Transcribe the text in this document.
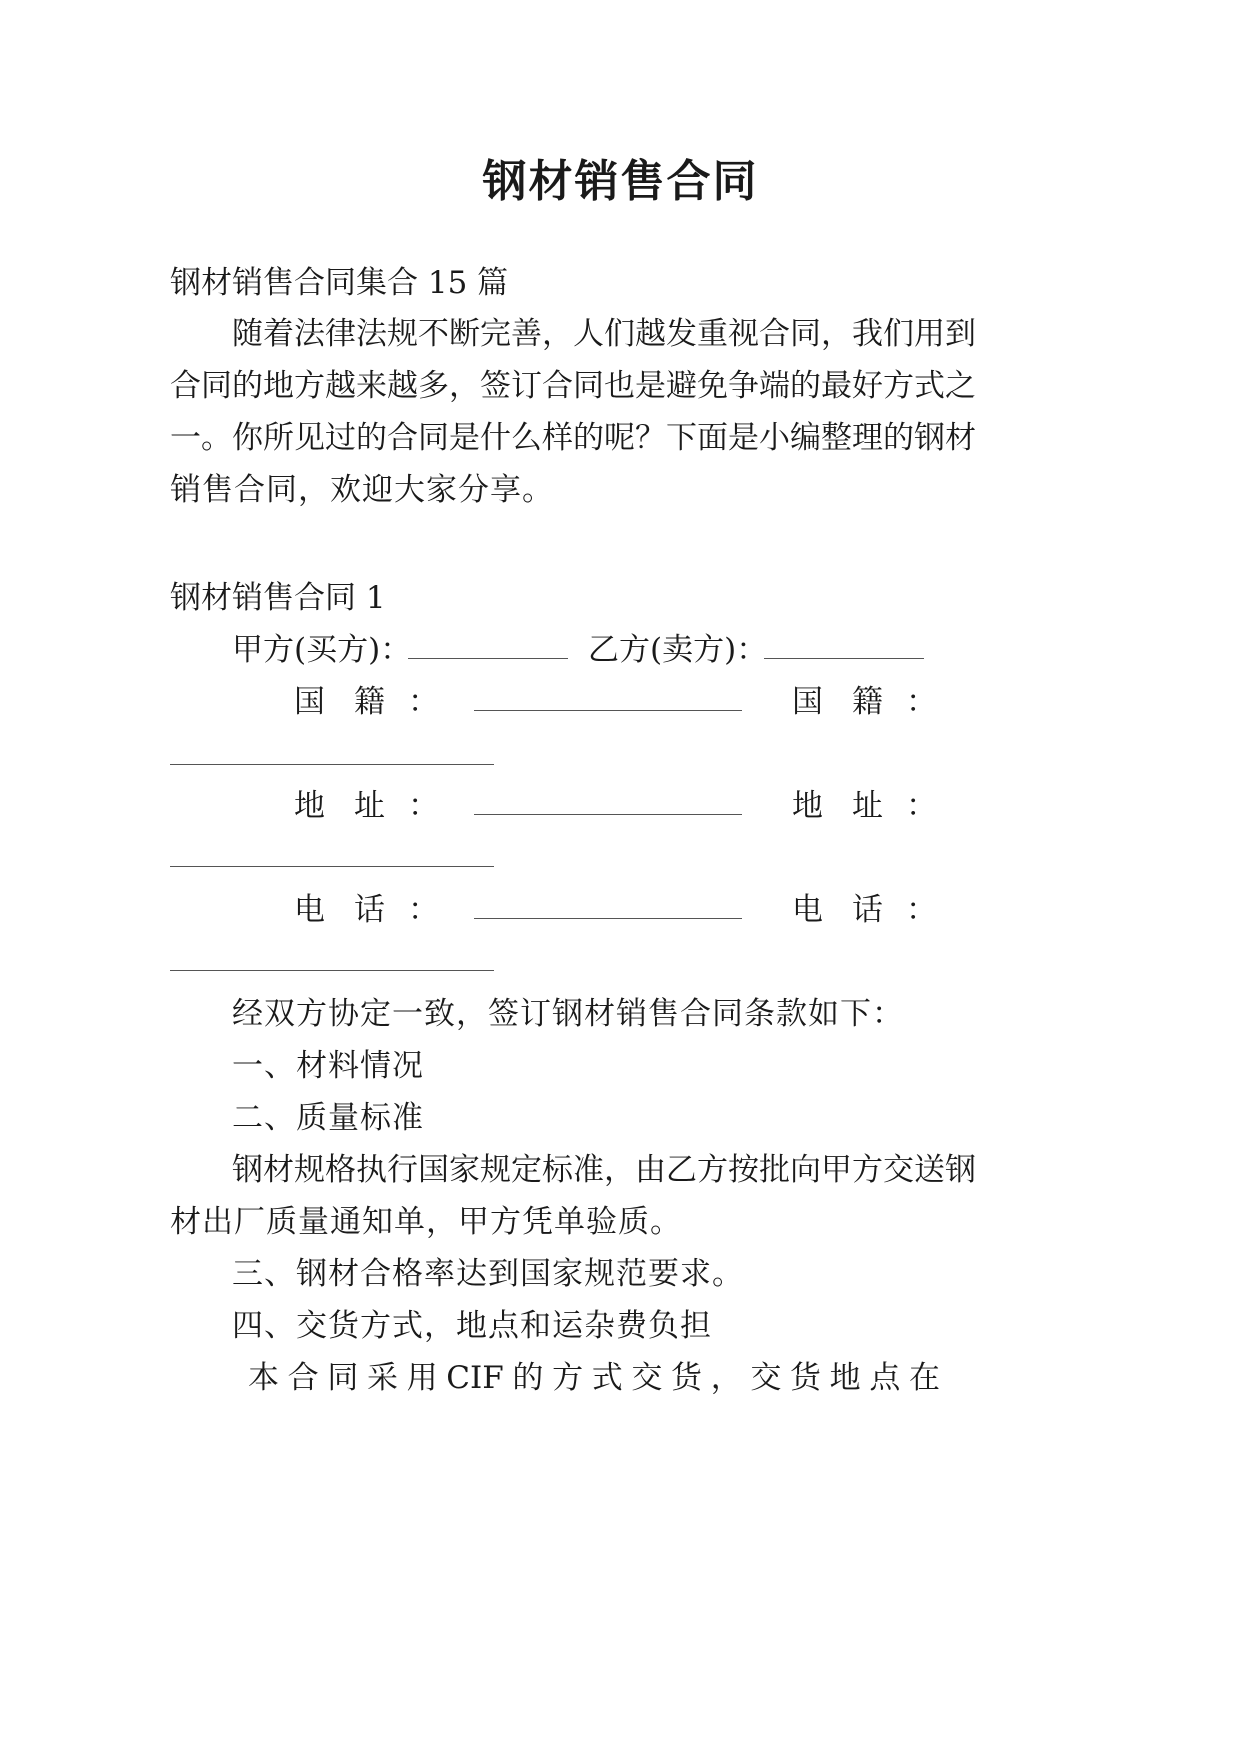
钢材销售合同
钢材销售合同集合 15 篇
随 着 法 律 法 规 不 断 完 善 ， 人 们 越 发 重 视 合 同 ， 我 们 用 到
合 同 的 地 方 越 来 越 多 ， 签 订 合 同 也 是 避 免 争 端 的 最 好 方 式 之
一 。 你 所 见 过 的 合 同 是 什 么 样 的 呢 ？ 下 面 是 小 编 整 理 的 钢 材
销售合同，欢迎大家分享。
钢材销售合同 1
甲方(买方)：	乙方(卖方)：
国 籍 ：	国 籍 ：
地 址 ：	地 址 ：
电 话 ：	电 话 ：
经双方协定一致，签订钢材销售合同条款如下：
一、材料情况
二、质量标准
钢 材 规 格 执 行 国 家 规 定 标 准 ， 由 乙 方 按 批 向 甲 方 交 送 钢
材出厂质量通知单，甲方凭单验质。
三、钢材合格率达到国家规范要求。
四、交货方式，地点和运杂费负担
本 合 同 采 用 CIF 的 方 式 交 货 ， 交 货 地 点 在
